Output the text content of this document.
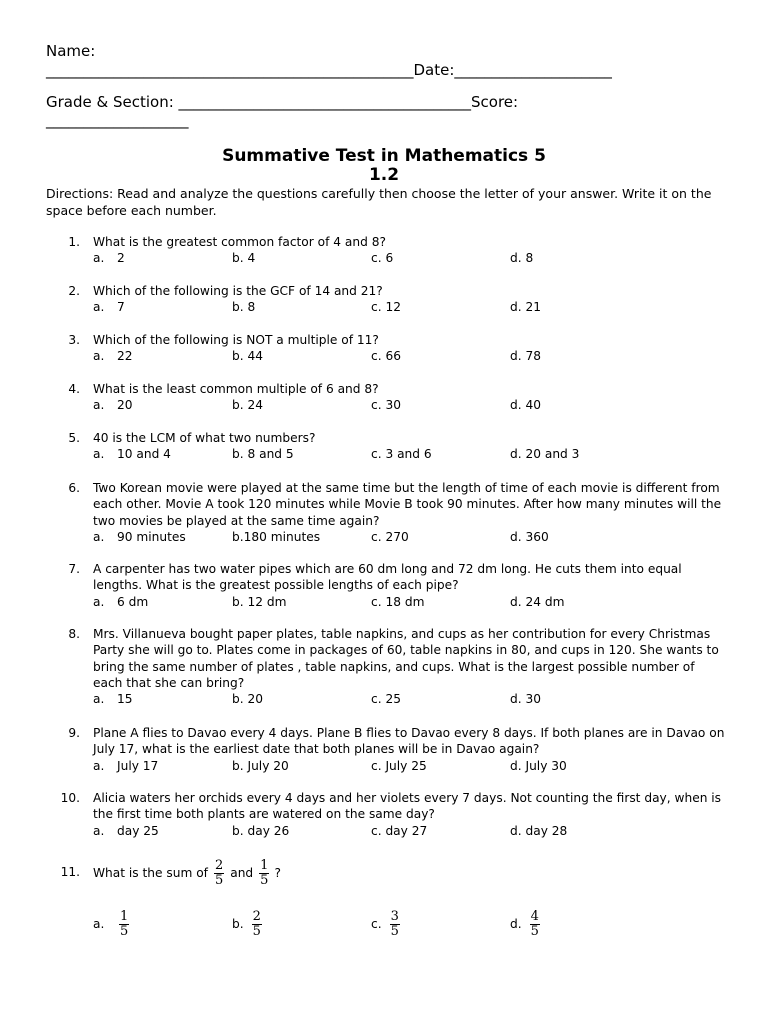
Name:
_________________________________________________Date:_____________________
Grade & Section: _______________________________________Score:
___________________
Summative Test in Mathematics 5
1.2
Directions: Read and analyze the questions carefully then choose the letter of your answer. Write it on the space before each number.
1. What is the greatest common factor of 4 and 8?
a. 2	b. 4	c. 6	d. 8
2. Which of the following is the GCF of 14 and 21?
a. 7	b. 8	c. 12	d. 21
3. Which of the following is NOT a multiple of 11?
a. 22	b. 44	c. 66	d. 78
4. What is the least common multiple of 6 and 8?
a. 20	b. 24	c. 30	d. 40
5. 40 is the LCM of what two numbers?
a. 10 and 4	b. 8 and 5	c. 3 and 6	d. 20 and 3
6. Two Korean movie were played at the same time but the length of time of each movie is different from each other. Movie A took 120 minutes while Movie B took 90 minutes. After how many minutes will the two movies be played at the same time again?
a. 90 minutes	b.180 minutes	c. 270	d. 360
7. A carpenter has two water pipes which are 60 dm long and 72 dm long. He cuts them into equal lengths. What is the greatest possible lengths of each pipe?
a. 6 dm	b. 12 dm	c. 18 dm	d. 24 dm
8. Mrs. Villanueva bought paper plates, table napkins, and cups as her contribution for every Christmas Party she will go to. Plates come in packages of 60, table napkins in 80, and cups in 120. She wants to bring the same number of plates , table napkins, and cups. What is the largest possible number of each that she can bring?
a. 15	b. 20	c. 25	d. 30
9. Plane A flies to Davao every 4 days. Plane B flies to Davao every 8 days. If both planes are in Davao on July 17, what is the earliest date that both planes will be in Davao again?
a. July 17	b. July 20	c. July 25	d. July 30
10. Alicia waters her orchids every 4 days and her violets every 7 days. Not counting the first day, when is the first time both plants are watered on the same day?
a. day 25	b. day 26	c. day 27	d. day 28
11. What is the sum of $\frac{2}{5}$ and $\frac{1}{5}$ ?
a.	$\frac{1}{5}$	b. $\frac{2}{5}$	c. $\frac{3}{5}$	d. $\frac{4}{5}$
